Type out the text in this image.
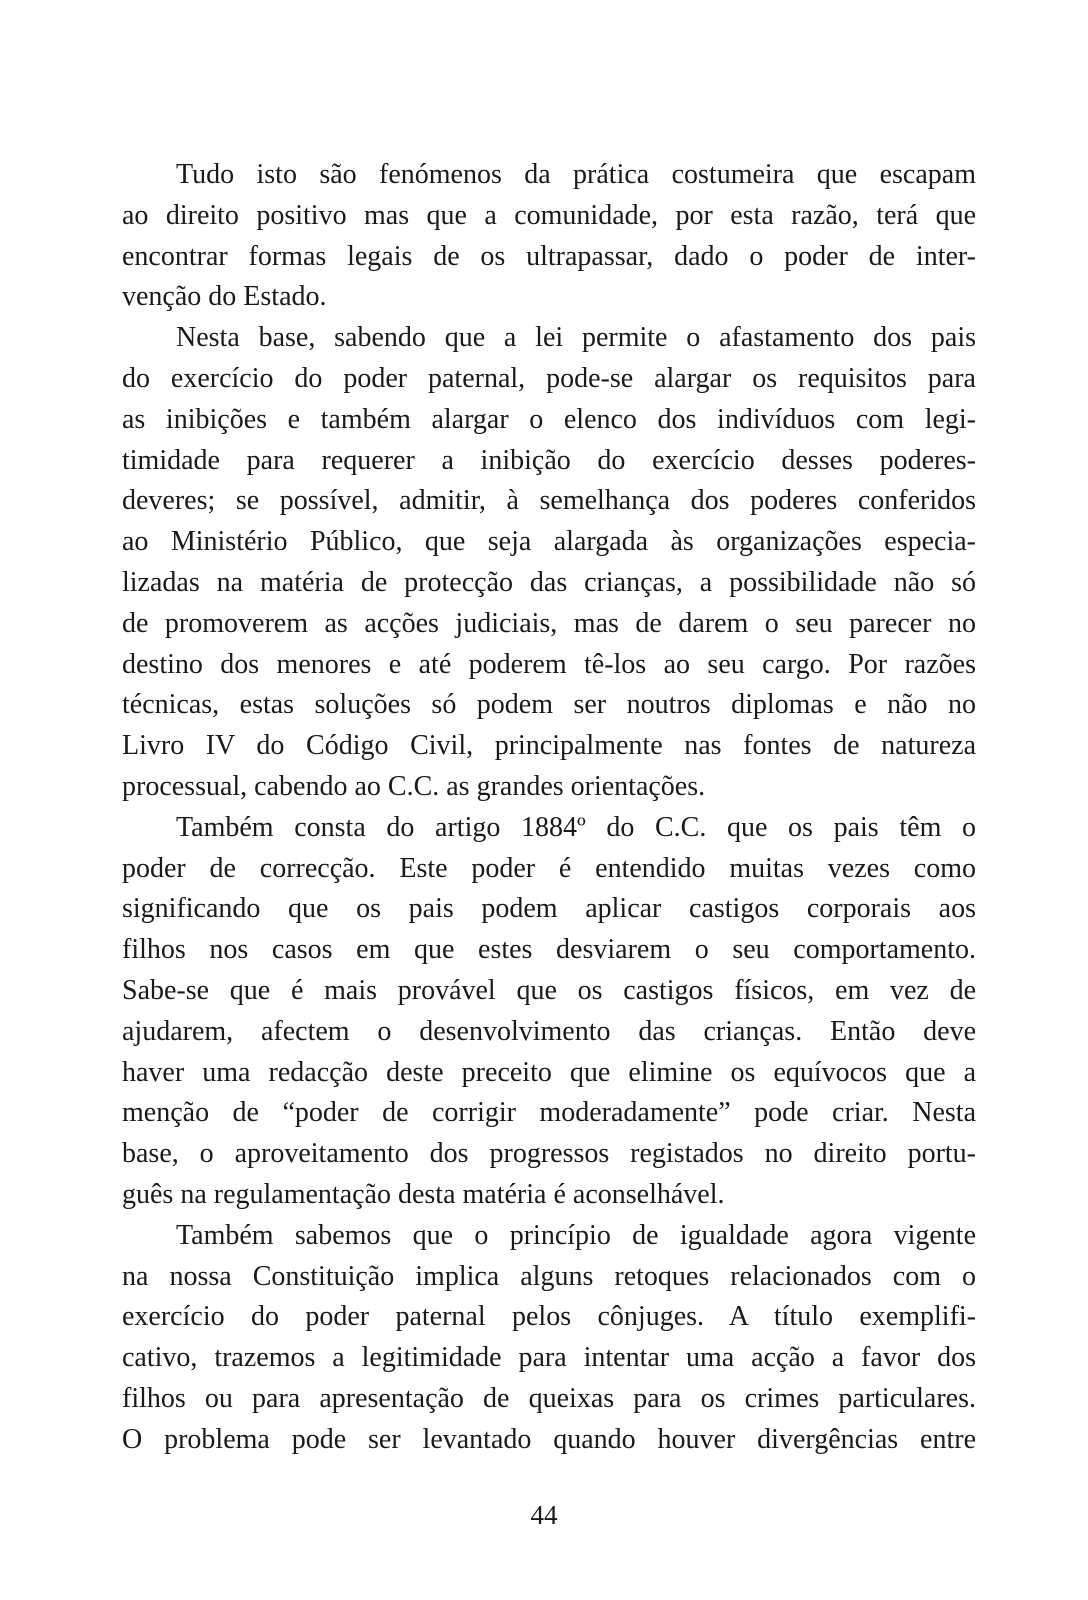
Tudo isto são fenómenos da prática costumeira que escapam
ao direito positivo mas que a comunidade, por esta razão, terá que
encontrar formas legais de os ultrapassar, dado o poder de inter-
venção do Estado.
Nesta base, sabendo que a lei permite o afastamento dos pais
do exercício do poder paternal, pode-se alargar os requisitos para
as inibições e também alargar o elenco dos indivíduos com legi-
timidade para requerer a inibição do exercício desses poderes-
deveres; se possível, admitir, à semelhança dos poderes conferidos
ao Ministério Público, que seja alargada às organizações especia-
lizadas na matéria de protecção das crianças, a possibilidade não só
de promoverem as acções judiciais, mas de darem o seu parecer no
destino dos menores e até poderem tê-los ao seu cargo. Por razões
técnicas, estas soluções só podem ser noutros diplomas e não no
Livro IV do Código Civil, principalmente nas fontes de natureza
processual, cabendo ao C.C. as grandes orientações.
Também consta do artigo 1884º do C.C. que os pais têm o
poder de correcção. Este poder é entendido muitas vezes como
significando que os pais podem aplicar castigos corporais aos
filhos nos casos em que estes desviarem o seu comportamento.
Sabe-se que é mais provável que os castigos físicos, em vez de
ajudarem, afectem o desenvolvimento das crianças. Então deve
haver uma redacção deste preceito que elimine os equívocos que a
menção de “poder de corrigir moderadamente” pode criar. Nesta
base, o aproveitamento dos progressos registados no direito portu-
guês na regulamentação desta matéria é aconselhável.
Também sabemos que o princípio de igualdade agora vigente
na nossa Constituição implica alguns retoques relacionados com o
exercício do poder paternal pelos cônjuges. A título exemplifi-
cativo, trazemos a legitimidade para intentar uma acção a favor dos
filhos ou para apresentação de queixas para os crimes particulares.
O problema pode ser levantado quando houver divergências entre
44
